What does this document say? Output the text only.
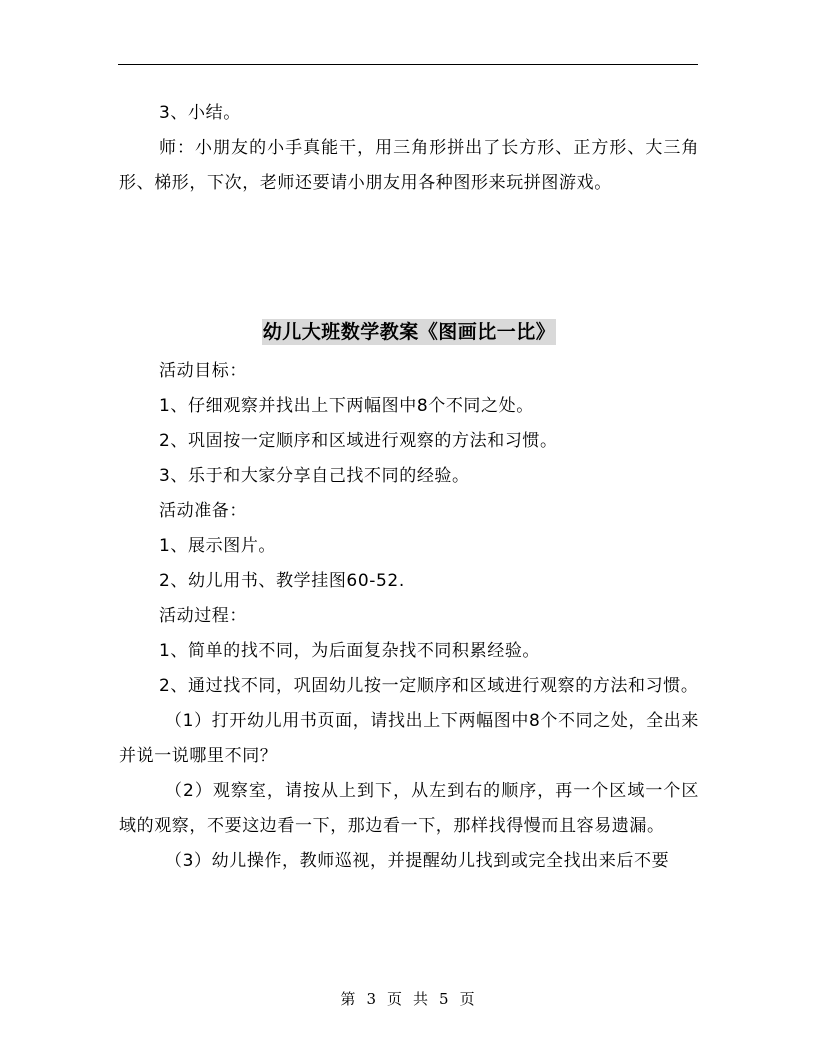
3、小结。

师：小朋友的小手真能干，用三角形拼出了长方形、正方形、大三角形、梯形，下次，老师还要请小朋友用各种图形来玩拼图游戏。

幼儿大班数学教案《图画比一比》

活动目标：

1、仔细观察并找出上下两幅图中8个不同之处。

2、巩固按一定顺序和区域进行观察的方法和习惯。

3、乐于和大家分享自己找不同的经验。

活动准备：

1、展示图片。

2、幼儿用书、教学挂图60-52.

活动过程：

1、简单的找不同，为后面复杂找不同积累经验。

2、通过找不同，巩固幼儿按一定顺序和区域进行观察的方法和习惯。

（1）打开幼儿用书页面，请找出上下两幅图中8个不同之处，全出来并说一说哪里不同？

（2）观察室，请按从上到下，从左到右的顺序，再一个区域一个区域的观察，不要这边看一下，那边看一下，那样找得慢而且容易遗漏。

（3）幼儿操作，教师巡视，并提醒幼儿找到或完全找出来后不要

第 3 页 共 5 页
